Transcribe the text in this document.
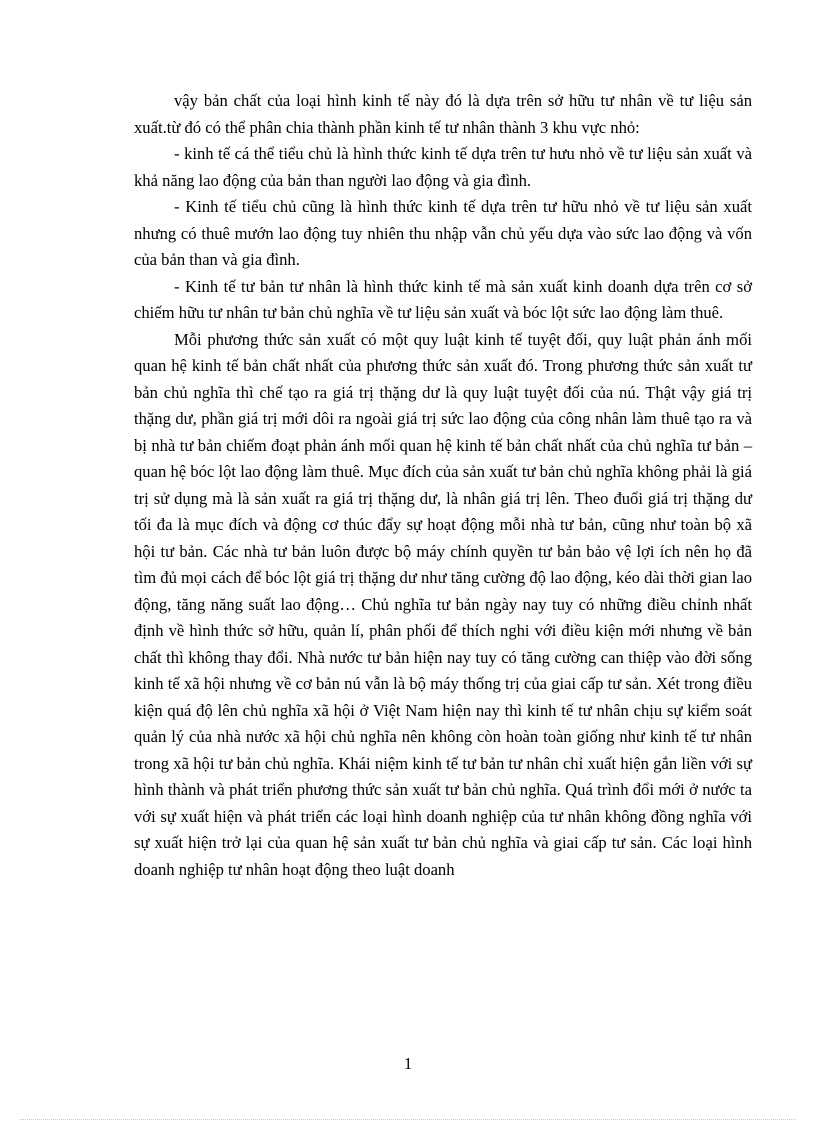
vậy bản chất của loại hình kinh tế này đó là dựa trên sở hữu tư nhân về tư liệu sản xuất.từ đó có thể phân chia thành phần kinh tế tư nhân thành 3 khu vực nhỏ:

- kinh tế cá thể tiểu chủ là hình thức kinh tế dựa trên tư hưu nhỏ về tư liệu sản xuất và khả năng lao động của bản than người lao động và gia đình.

- Kinh tế tiểu chủ cũng là hình thức kinh tế dựa trên tư hữu nhỏ về tư liệu sản xuất nhưng có thuê mướn lao động tuy nhiên thu nhập vẫn chủ yếu dựa vào sức lao động và vốn của bản than và gia đình.

- Kinh tế tư bản tư nhân là hình thức kinh tế mà sản xuất kinh doanh dựa trên cơ sở chiếm hữu tư nhân tư bản chủ nghĩa về tư liệu sản xuất và bóc lột sức lao động làm thuê.

Mỗi phương thức sản xuất có một quy luật kinh tế tuyệt đối, quy luật phản ánh mối quan hệ kinh tế bản chất nhất của phương thức sản xuất đó. Trong phương thức sản xuất tư bản chủ nghĩa thì chế tạo ra giá trị thặng dư là quy luật tuyệt đối của nú. Thật vậy giá trị thặng dư, phần giá trị mới dôi ra ngoài giá trị sức lao động của công nhân làm thuê tạo ra và bị nhà tư bản chiếm đoạt phản ánh mối quan hệ kinh tế bản chất nhất của chủ nghĩa tư bản – quan hệ bóc lột lao động làm thuê. Mục đích của sản xuất tư bản chủ nghĩa không phải là giá trị sử dụng mà là sản xuất ra giá trị thặng dư, là nhân giá trị lên. Theo đuổi giá trị thặng dư tối đa là mục đích và động cơ thúc đẩy sự hoạt động mỗi nhà tư bản, cũng như toàn bộ xã hội tư bản. Các nhà tư bản luôn được bộ máy chính quyền tư bản bảo vệ lợi ích nên họ đã tìm đủ mọi cách để bóc lột giá trị thặng dư như tăng cường độ lao động, kéo dài thời gian lao động, tăng năng suất lao động… Chủ nghĩa tư bản ngày nay tuy có những điều chỉnh nhất định về hình thức sở hữu, quản lí, phân phối để thích nghi với điều kiện mới nhưng về bản chất thì không thay đổi. Nhà nước tư bản hiện nay tuy có tăng cường can thiệp vào đời sống kinh tế xã hội nhưng về cơ bản nú vẫn là bộ máy thống trị của giai cấp tư sản. Xét trong điều kiện quá độ lên chủ nghĩa xã hội ở Việt Nam hiện nay thì kinh tế tư nhân chịu sự kiểm soát quản lý của nhà nước xã hội chủ nghĩa nên không còn hoàn toàn giống như kinh tế tư nhân trong xã hội tư bản chủ nghĩa. Khái niệm kinh tế tư bản tư nhân chỉ xuất hiện gắn liền với sự hình thành và phát triển phương thức sản xuất tư bản chủ nghĩa. Quá trình đổi mới ở nước ta với sự xuất hiện và phát triển các loại hình doanh nghiệp của tư nhân không đồng nghĩa với sự xuất hiện trở lại của quan hệ sản xuất tư bản chủ nghĩa và giai cấp tư sản. Các loại hình doanh nghiệp tư nhân hoạt động theo luật doanh

1
